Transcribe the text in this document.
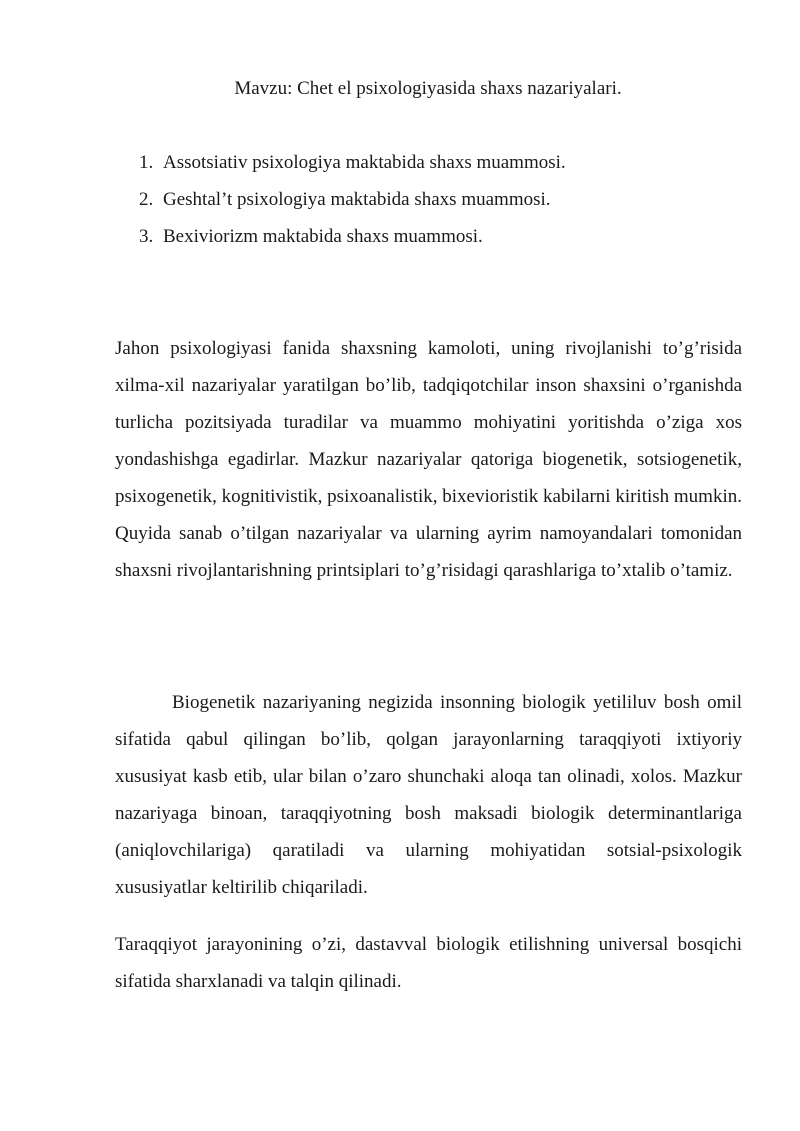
Mavzu: Chet el psixologiyasida shaxs nazariyalari.
1. Assotsiativ psixologiya maktabida shaxs muammosi.
2. Geshtal’t psixologiya maktabida shaxs muammosi.
3. Bexiviorizm maktabida shaxs muammosi.

Jahon psixologiyasi fanida shaxsning kamoloti, uning rivojlanishi to’g’risida xilma-xil nazariyalar yaratilgan bo’lib, tadqiqotchilar inson shaxsini o’rganishda turlicha pozitsiyada turadilar va muammo mohiyatini yoritishda o’ziga xos yondashishga egadirlar. Mazkur nazariyalar qatoriga biogenetik, sotsiogenetik, psixogenetik, kognitivistik, psixoanalistik, bixevioristik kabilarni kiritish mumkin. Quyida sanab o’tilgan nazariyalar va ularning ayrim namoyandalari tomonidan shaxsni rivojlantarishning printsiplari to’g’risidagi qarashlariga to’xtalib o’tamiz.

Biogenetik nazariyaning negizida insonning biologik yetililuv bosh omil sifatida qabul qilingan bo’lib, qolgan jarayonlarning taraqqiyoti ixtiyoriy xususiyat kasb etib, ular bilan o’zaro shunchaki aloqa tan olinadi, xolos. Mazkur nazariyaga binoan, taraqqiyotning bosh maksadi biologik determinantlariga (aniqlovchilariga) qaratiladi va ularning mohiyatidan sotsial-psixologik xususiyatlar keltirilib chiqariladi.

Taraqqiyot jarayonining o’zi, dastavval biologik etilishning universal bosqichi sifatida sharxlanadi va talqin qilinadi.
